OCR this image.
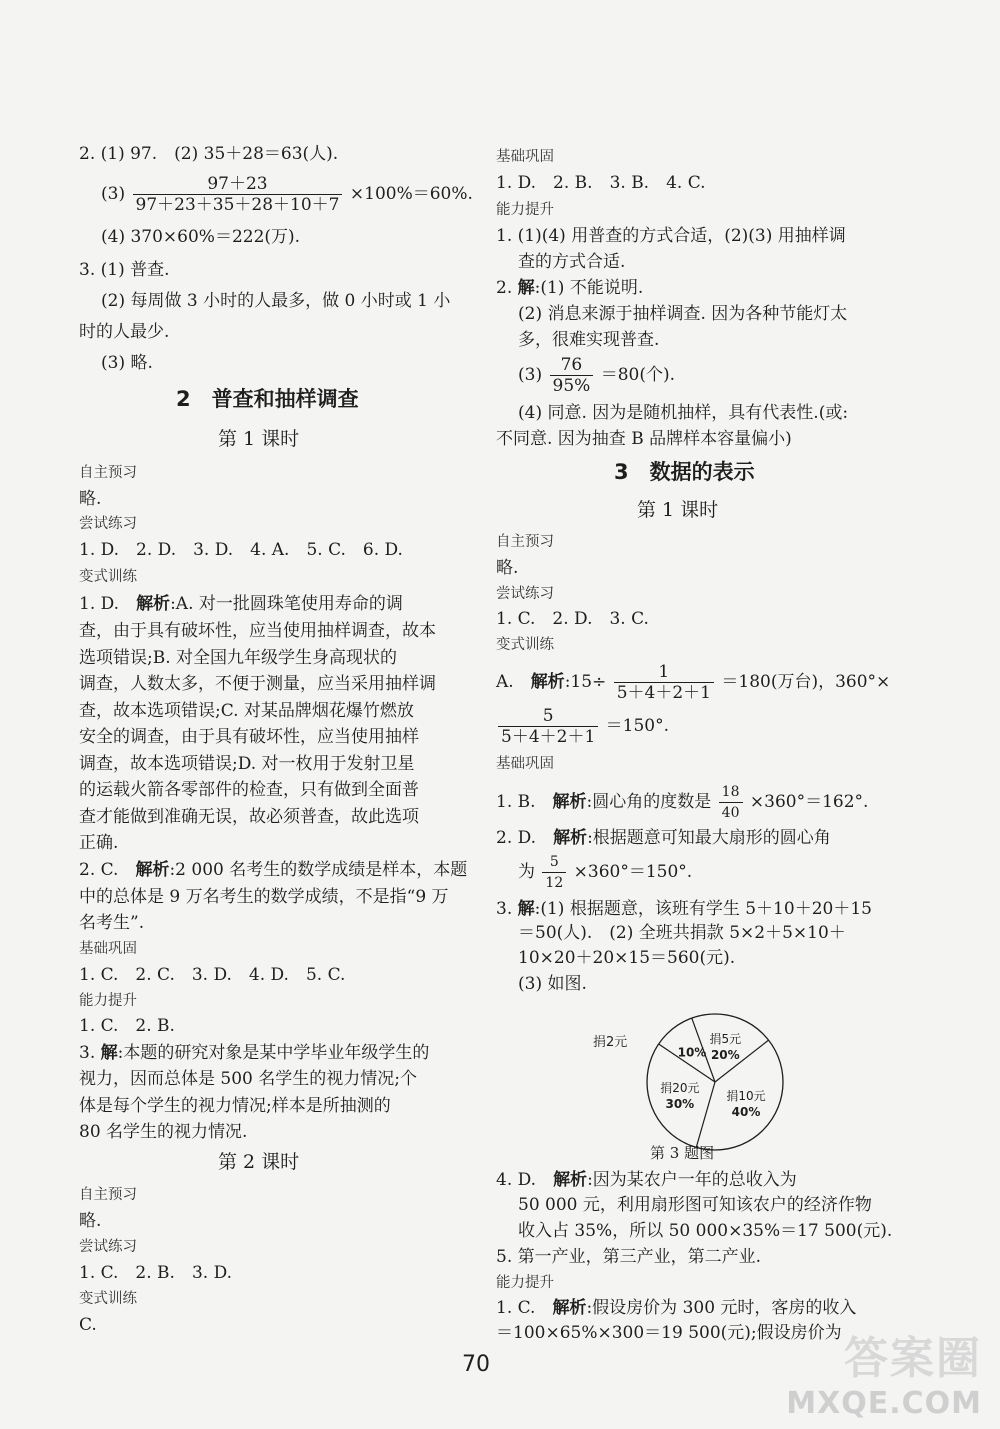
2. (1) 97.　(2) 35＋28＝63(人).
$(3) \frac{97+23}{97+23+35+28+10+7} \times 100\%=60\%$.
(4) 370×60%＝222(万).
3. (1) 普查.
(2) 每周做 3 小时的人最多，做 0 小时或 1 小
时的人最少.
(3) 略.
2　普查和抽样调查
第 1 课时
自主预习
略.
尝试练习
1. D.　2. D.　3. D.　4. A.　5. C.　6. D.
变式训练
1. D.　解析:A. 对一批圆珠笔使用寿命的调
查，由于具有破坏性，应当使用抽样调查，故本
选项错误;B. 对全国九年级学生身高现状的
调查，人数太多，不便于测量，应当采用抽样调
查，故本选项错误;C. 对某品牌烟花爆竹燃放
安全的调查，由于具有破坏性，应当使用抽样
调查，故本选项错误;D. 对一枚用于发射卫星
的运载火箭各零部件的检查，只有做到全面普
查才能做到准确无误，故必须普查，故此选项
正确.
2. C.　解析:2 000 名考生的数学成绩是样本，本题
中的总体是 9 万名考生的数学成绩，不是指“9 万
名考生”.
基础巩固
1. C.　2. C.　3. D.　4. D.　5. C.
能力提升
1. C.　2. B.
3. 解:本题的研究对象是某中学毕业年级学生的
视力，因而总体是 500 名学生的视力情况;个
体是每个学生的视力情况;样本是所抽测的
80 名学生的视力情况.
第 2 课时
自主预习
略.
尝试练习
1. C.　2. B.　3. D.
变式训练
C.
基础巩固
1. D.　2. B.　3. B.　4. C.
能力提升
1. (1)(4) 用普查的方式合适，(2)(3) 用抽样调
查的方式合适.
2. 解:(1) 不能说明.
(2) 消息来源于抽样调查. 因为各种节能灯太
多，很难实现普查.
$(3) \frac{76}{95\%} =80$(个).
(4) 同意. 因为是随机抽样，具有代表性.(或:
不同意. 因为抽查 B 品牌样本容量偏小)
3　数据的表示
第 1 课时
自主预习
略.
尝试练习
1. C.　2. D.　3. C.
变式训练
A.　解析:15÷ $\frac{1}{5+4+2+1} =180$(万台)，360°×
$\frac{5}{5+4+2+1} =150^\circ$.
基础巩固
1. B.　解析:圆心角的度数是 $\frac{18}{40} \times 360^\circ=162^\circ$.
2. D.　解析:根据题意可知最大扇形的圆心角
为 $\frac{5}{12} \times 360^\circ=150^\circ$.
3. 解:(1) 根据题意，该班有学生 5＋10＋20＋15
＝50(人).　(2) 全班共捐款 5×2＋5×10＋
10×20＋20×15＝560(元).
(3) 如图.
捐5元
20%
捐10元
40%
捐20元
30%
10%
捐2元
第 3 题图
4. D.　解析:因为某农户一年的总收入为
50 000 元，利用扇形图可知该农户的经济作物
收入占 35%，所以 50 000×35%＝17 500(元).
5. 第一产业，第三产业，第二产业.
能力提升
1. C.　解析:假设房价为 300 元时，客房的收入
＝100×65%×300＝19 500(元);假设房价为
70	答案圈
MXQE.COM
